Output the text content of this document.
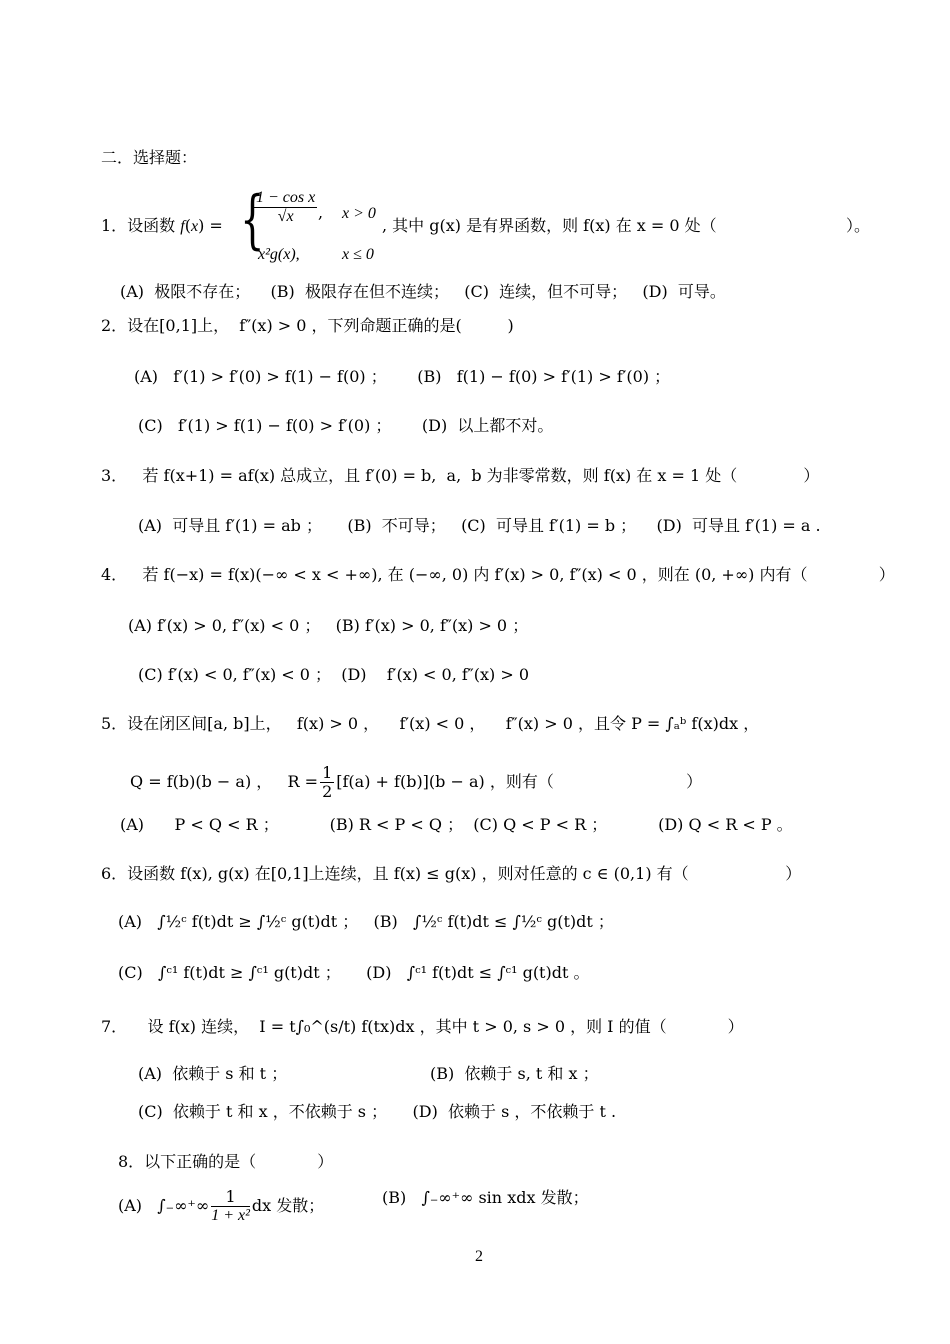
二．选择题：
1．设函数 f(x) = {
$\frac{\text{1 − cos x}}{√x}$ , x > 0
x²g(x),	x ≤ 0
, 其中 g(x) 是有界函数，则 f(x) 在 x = 0 处（	）。
(A)  极限不存在；    (B)  极限存在但不连续；   (C)  连续，但不可导；   (D)  可导。
2．设在[0,1]上，  f″(x) > 0 ，下列命题正确的是(         )
(A)   f′(1) > f′(0) > f(1) − f(0) ；      (B)   f(1) − f(0) > f′(1) > f′(0) ；
(C)   f′(1) > f(1) − f(0) > f′(0) ；      (D)  以上都不对。
3．   若 f(x+1) = af(x) 总成立，且 f′(0) = b,  a,  b 为非零常数，则 f(x) 在 x = 1 处（             ）
(A)  可导且 f′(1) = ab ；     (B)  不可导；   (C)  可导且 f′(1) = b ；    (D)  可导且 f′(1) = a .
4．   若 f(−x) = f(x)(−∞ < x < +∞), 在 (−∞, 0) 内 f′(x) > 0, f″(x) < 0 ，则在 (0, +∞) 内有（              ）
(A) f′(x) > 0, f″(x) < 0 ；   (B) f′(x) > 0, f″(x) > 0 ；
(C) f′(x) < 0, f″(x) < 0 ；  (D)    f′(x) < 0, f″(x) > 0
5．设在闭区间[a, b]上，   f(x) > 0 ，    f′(x) < 0 ，    f″(x) > 0 ，且令 P = ∫ₐᵇ f(x)dx ，
Q = f(b)(b − a) ，   $R = \frac{1}{2} [f(a) + f(b)](b - a)$ ，则有（                          ）
(A)      P < Q < R ；          (B) R < P < Q ；  (C) Q < P < R ；          (D) Q < R < P 。
6．设函数 f(x), g(x) 在[0,1]上连续，且 f(x) ≤ g(x) ，则对任意的 c ∈ (0,1) 有（                   ）
(A)   ∫½ᶜ f(t)dt ≥ ∫½ᶜ g(t)dt ；   (B)   ∫½ᶜ f(t)dt ≤ ∫½ᶜ g(t)dt ；
(C)   ∫ᶜ¹ f(t)dt ≥ ∫ᶜ¹ g(t)dt ；     (D)   ∫ᶜ¹ f(t)dt ≤ ∫ᶜ¹ g(t)dt 。
7．    设 f(x) 连续，  I = t∫₀^(s/t) f(tx)dx ，其中 t > 0, s > 0 ，则 I 的值（            ）
(A)  依赖于 s 和 t ；	(B)  依赖于 s, t 和 x ；
(C)  依赖于 t 和 x ，不依赖于 s ；     (D)  依赖于 s ，不依赖于 t .
8．以下正确的是（            ）
(A)   ∫₋∞⁺∞ $\frac{1}{\text{1 + x²}}$ dx 发散；	(B)   ∫₋∞⁺∞ sin xdx 发散；
2
